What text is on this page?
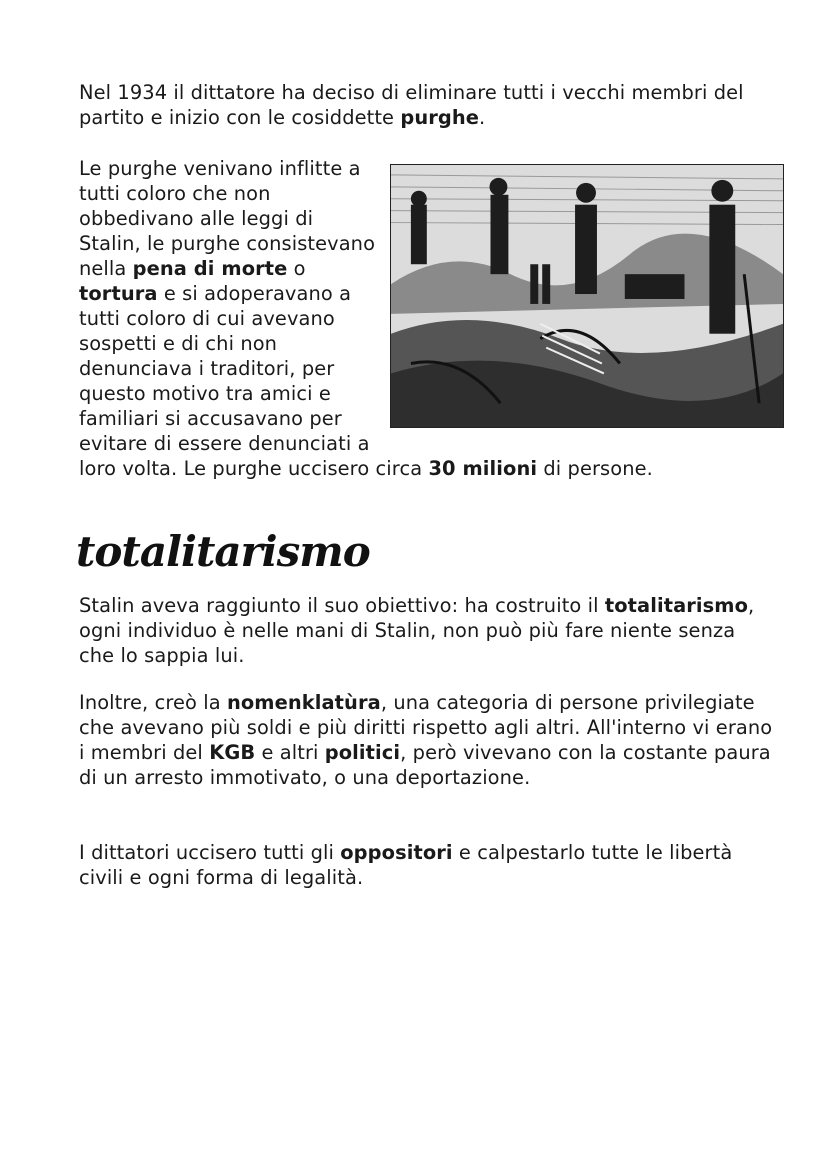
Nel 1934 il dittatore ha deciso di eliminare tutti i vecchi membri del partito e inizio con le cosiddette purghe.

Le purghe venivano inflitte a tutti coloro che non obbedivano alle leggi di Stalin, le purghe consistevano nella pena di morte o tortura e si adoperavano a tutti coloro di cui avevano sospetti e di chi non denunciava i traditori, per questo motivo tra amici e familiari si accusavano per evitare di essere denunciati a loro volta. Le purghe uccisero circa 30 milioni di persone.

totalitarismo

Stalin aveva raggiunto il suo obiettivo: ha costruito il totalitarismo, ogni individuo è nelle mani di Stalin, non può più fare niente senza che lo sappia lui.

Inoltre, creò la nomenklatùra, una categoria di persone privilegiate che avevano più soldi e più diritti rispetto agli altri. All'interno vi erano i membri del KGB e altri politici, però vivevano con la costante paura di un arresto immotivato, o una deportazione.

I dittatori uccisero tutti gli oppositori e calpestarlo tutte le libertà civili e ogni forma di legalità.
